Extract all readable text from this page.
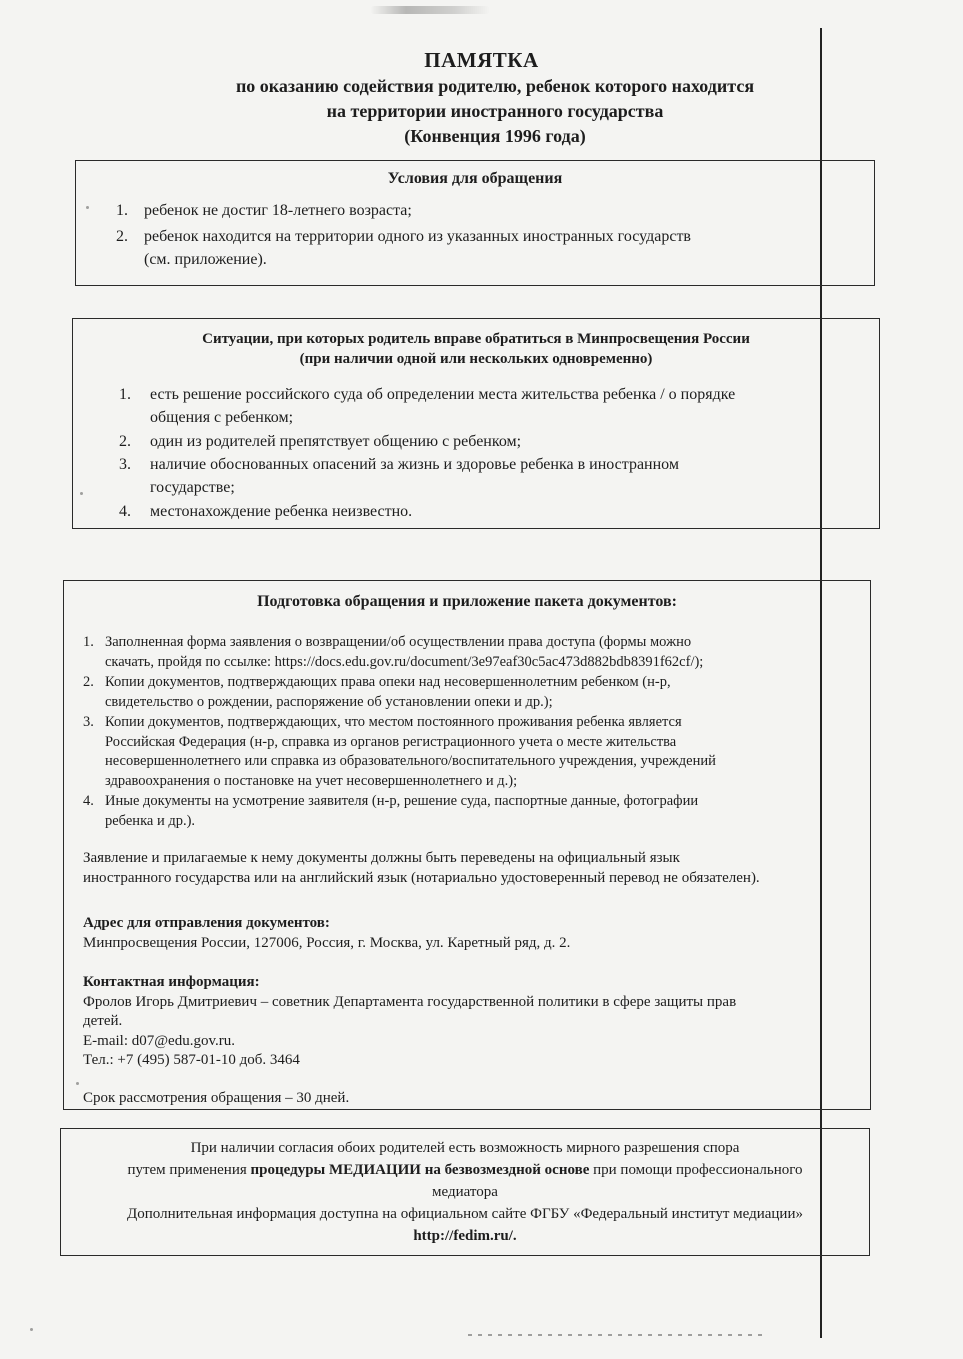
ПАМЯТКА
по оказанию содействия родителю, ребенок которого находится
на территории иностранного государства
(Конвенция 1996 года)
Условия для обращения
1.	ребенок не достиг 18-летнего возраста;
2.	ребенок находится на территории одного из указанных иностранных государств
(см. приложение).
Ситуации, при которых родитель вправе обратиться в Минпросвещения России
(при наличии одной или нескольких одновременно)
1.	есть решение российского суда об определении места жительства ребенка / о порядке
общения с ребенком;
2.	один из родителей препятствует общению с ребенком;
3.	наличие обоснованных опасений за жизнь и здоровье ребенка в иностранном
государстве;
4.	местонахождение ребенка неизвестно.
Подготовка обращения и приложение пакета документов:
1. Заполненная форма заявления о возвращении/об осуществлении права доступа (формы можно
скачать, пройдя по ссылке: https://docs.edu.gov.ru/document/3e97eaf30c5ac473d882bdb8391f62cf/);
2. Копии документов, подтверждающих права опеки над несовершеннолетним ребенком (н-р,
свидетельство о рождении, распоряжение об установлении опеки и др.);
3. Копии документов, подтверждающих, что местом постоянного проживания ребенка является
Российская Федерация (н-р, справка из органов регистрационного учета о месте жительства
несовершеннолетнего или справка из образовательного/воспитательного учреждения, учреждений
здравоохранения о постановке на учет несовершеннолетнего и д.);
4. Иные документы на усмотрение заявителя (н-р, решение суда, паспортные данные, фотографии
ребенка и др.).
Заявление и прилагаемые к нему документы должны быть переведены на официальный язык
иностранного государства или на английский язык (нотариально удостоверенный перевод не обязателен).
Адрес для отправления документов:
Минпросвещения России, 127006, Россия, г. Москва, ул. Каретный ряд, д. 2.
Контактная информация:
Фролов Игорь Дмитриевич – советник Департамента государственной политики в сфере защиты прав
детей.
E-mail: d07@edu.gov.ru.
Тел.: +7 (495) 587-01-10 доб. 3464
Срок рассмотрения обращения – 30 дней.
При наличии согласия обоих родителей есть возможность мирного разрешения спора
путем применения процедуры МЕДИАЦИИ на безвозмездной основе при помощи профессионального
медиатора
Дополнительная информация доступна на официальном сайте ФГБУ «Федеральный институт медиации»
http://fedim.ru/.
